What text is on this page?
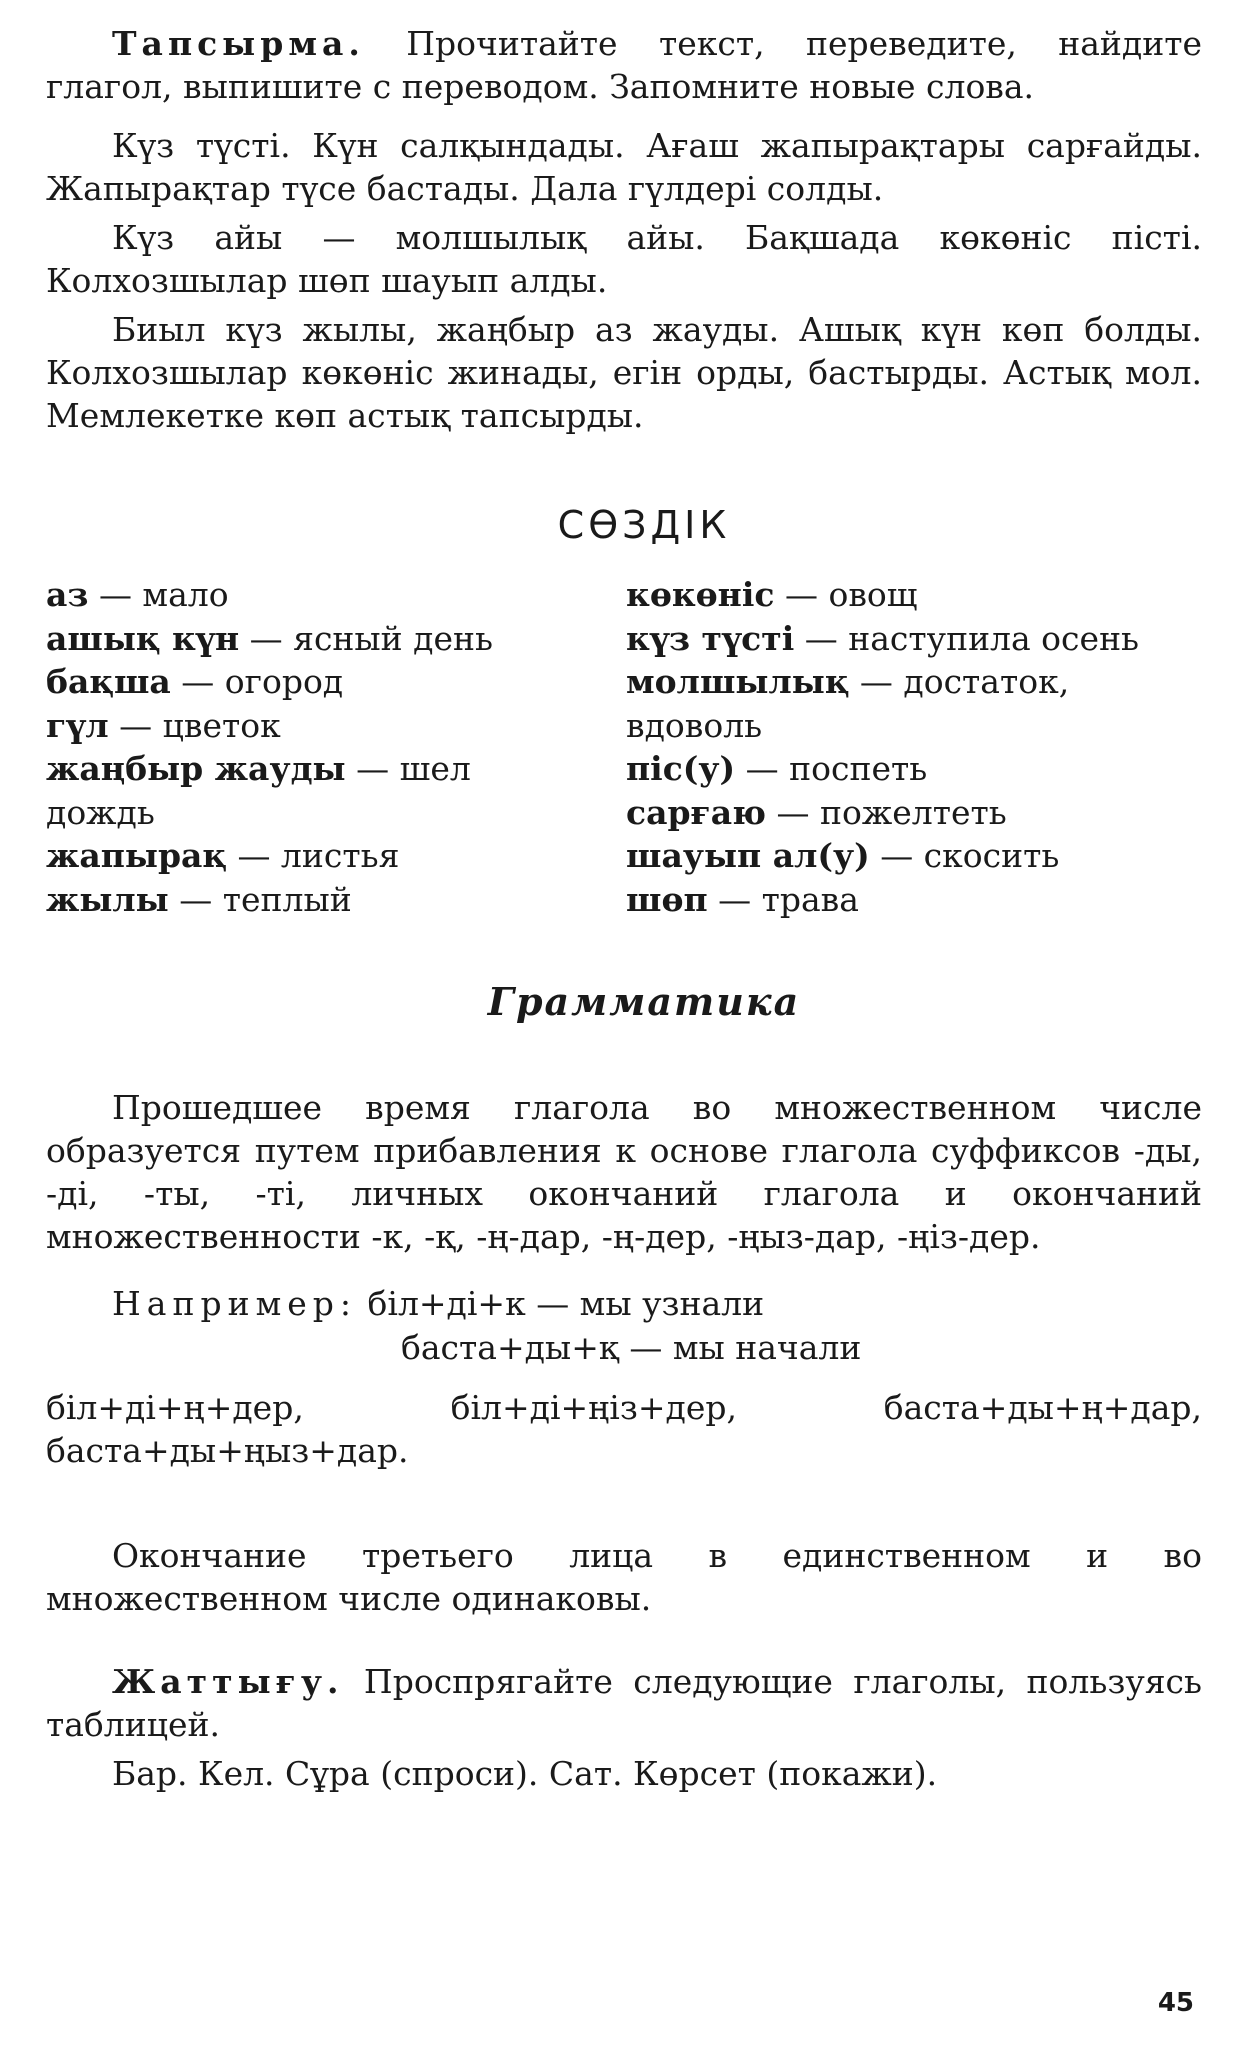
Тапсырма. Прочитайте текст, переведите, найдите глагол, выпишите с переводом. Запомните новые слова.

Күз түсті. Күн салқындады. Ағаш жапырақтары сарғайды. Жапырақтар түсе бастады. Дала гүлдері солды.

Күз айы — молшылық айы. Бақшада көкөніс пісті. Колхозшылар шөп шауып алды.

Биыл күз жылы, жаңбыр аз жауды. Ашық күн көп болды. Колхозшылар көкөніс жинады, егін орды, бастырды. Астық мол. Мемлекетке көп астық тапсырды.

СӨЗДІК
аз — мало
ашық күн — ясный день
бақша — огород
гүл — цветок
жаңбыр жауды — шел
дождь
жапырақ — листья
жылы — теплый
көкөніс — овощ
күз түсті — наступила осень
молшылық — достаток,
вдоволь
піс(у) — поспеть
сарғаю — пожелтеть
шауып ал(у) — скосить
шөп — трава
Грамматика

Прошедшее время глагола во множественном числе образуется путем прибавления к основе глагола суффиксов -ды, -ді, -ты, -ті, личных окончаний глагола и окончаний множественности -к, -қ, -ң-дар, -ң-дер, -ңыз-дар, -ңіз-дер.

Например: біл+ді+к — мы узнали
баста+ды+қ — мы начали

біл+ді+ң+дер, біл+ді+ңіз+дер, баста+ды+ң+дар, баста+ды+ңыз+дар.

Окончание третьего лица в единственном и во множественном числе одинаковы.

Жаттығу. Проспрягайте следующие глаголы, пользуясь таблицей.

Бар. Кел. Сұра (спроси). Сат. Көрсет (покажи).

45
